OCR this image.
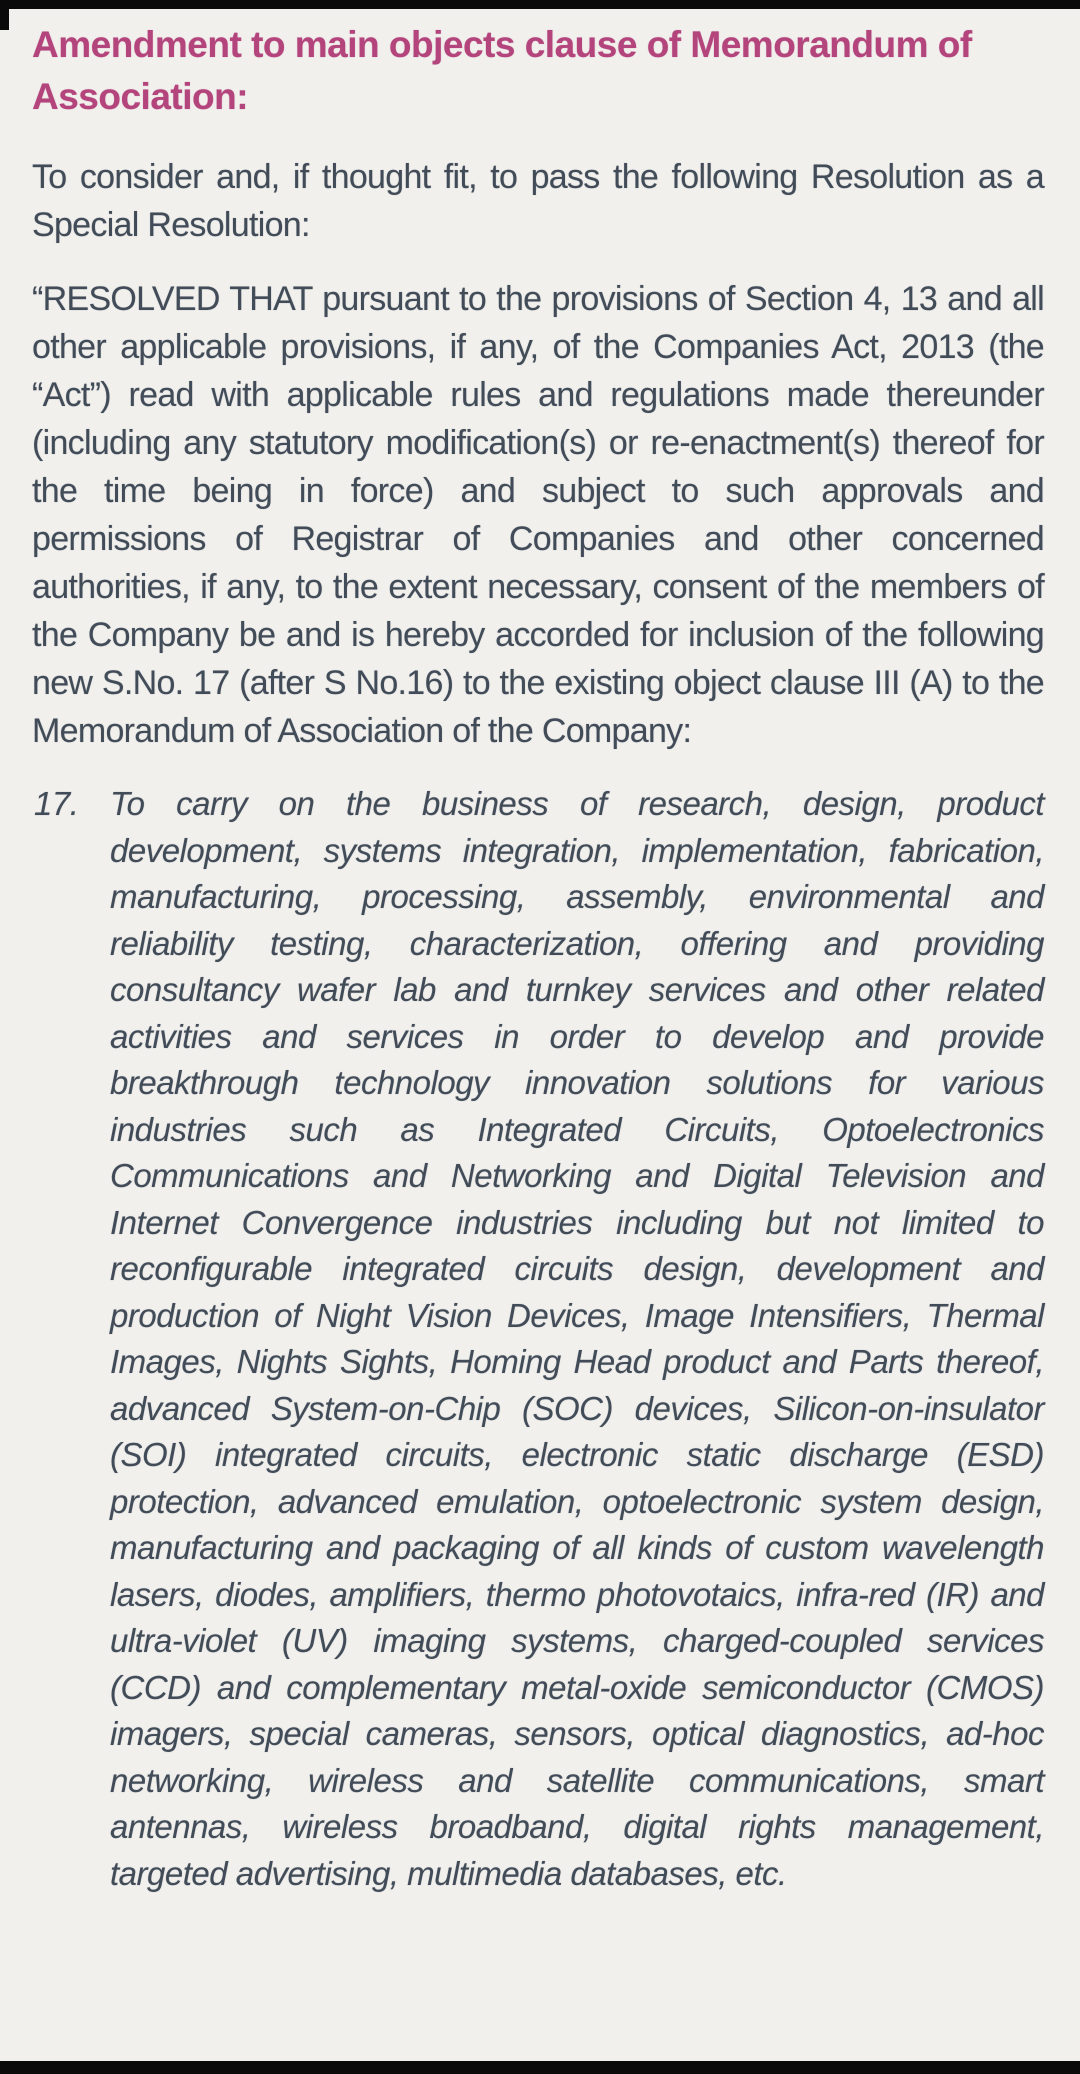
Amendment to main objects clause of Memorandum of Association:

To consider and, if thought fit, to pass the following Resolution as a Special Resolution:

“RESOLVED THAT pursuant to the provisions of Section 4, 13 and all other applicable provisions, if any, of the Companies Act, 2013 (the “Act”) read with applicable rules and regulations made thereunder (including any statutory modification(s) or re-enactment(s) thereof for the time being in force) and subject to such approvals and permissions of Registrar of Companies and other concerned authorities, if any, to the extent necessary, consent of the members of the Company be and is hereby accorded for inclusion of the following new S.No. 17 (after S No.16) to the existing object clause III (A) to the Memorandum of Association of the Company:

17. To carry on the business of research, design, product development, systems integration, implementation, fabrication, manufacturing, processing, assembly, environmental and reliability testing, characterization, offering and providing consultancy wafer lab and turnkey services and other related activities and services in order to develop and provide breakthrough technology innovation solutions for various industries such as Integrated Circuits, Optoelectronics Communications and Networking and Digital Television and Internet Convergence industries including but not limited to reconfigurable integrated circuits design, development and production of Night Vision Devices, Image Intensifiers, Thermal Images, Nights Sights, Homing Head product and Parts thereof, advanced System-on-Chip (SOC) devices, Silicon-on-insulator (SOI) integrated circuits, electronic static discharge (ESD) protection, advanced emulation, optoelectronic system design, manufacturing and packaging of all kinds of custom wavelength lasers, diodes, amplifiers, thermo photovotaics, infra-red (IR) and ultra-violet (UV) imaging systems, charged-coupled services (CCD) and complementary metal-oxide semiconductor (CMOS) imagers, special cameras, sensors, optical diagnostics, ad-hoc networking, wireless and satellite communications, smart antennas, wireless broadband, digital rights management, targeted advertising, multimedia databases, etc.
